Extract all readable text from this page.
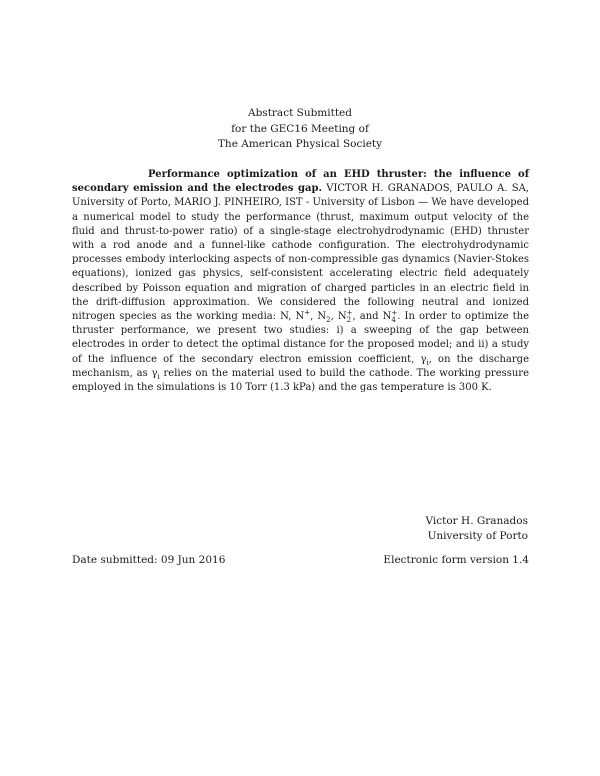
Abstract Submitted
for the GEC16 Meeting of
The American Physical Society
Performance optimization of an EHD thruster: the influence of secondary emission and the electrodes gap. VICTOR H. GRANADOS, PAULO A. SA, University of Porto, MARIO J. PINHEIRO, IST - University of Lisbon — We have developed a numerical model to study the performance (thrust, maximum output velocity of the fluid and thrust-to-power ratio) of a single-stage electrohydrodynamic (EHD) thruster with a rod anode and a funnel-like cathode configuration. The electrohydrodynamic processes embody interlocking aspects of non-compressible gas dynamics (Navier-Stokes equations), ionized gas physics, self-consistent accelerating electric field adequately described by Poisson equation and migration of charged particles in an electric field in the drift-diffusion approximation. We considered the following neutral and ionized nitrogen species as the working media: N, N+, $N_2$, N +
2 , and N +
4 . In order to optimize the thruster performance, we present two studies: i) a sweeping of the gap between electrodes in order to detect the optimal distance for the proposed model; and ii) a study of the influence of the secondary electron emission coefficient, $\gamma_i$, on the discharge mechanism, as $\gamma_i$ relies on the material used to build the cathode. The working pressure employed in the simulations is 10 Torr (1.3 kPa) and the gas temperature is 300 K.
Victor H. Granados
University of Porto
Date submitted: 09 Jun 2016	Electronic form version 1.4
